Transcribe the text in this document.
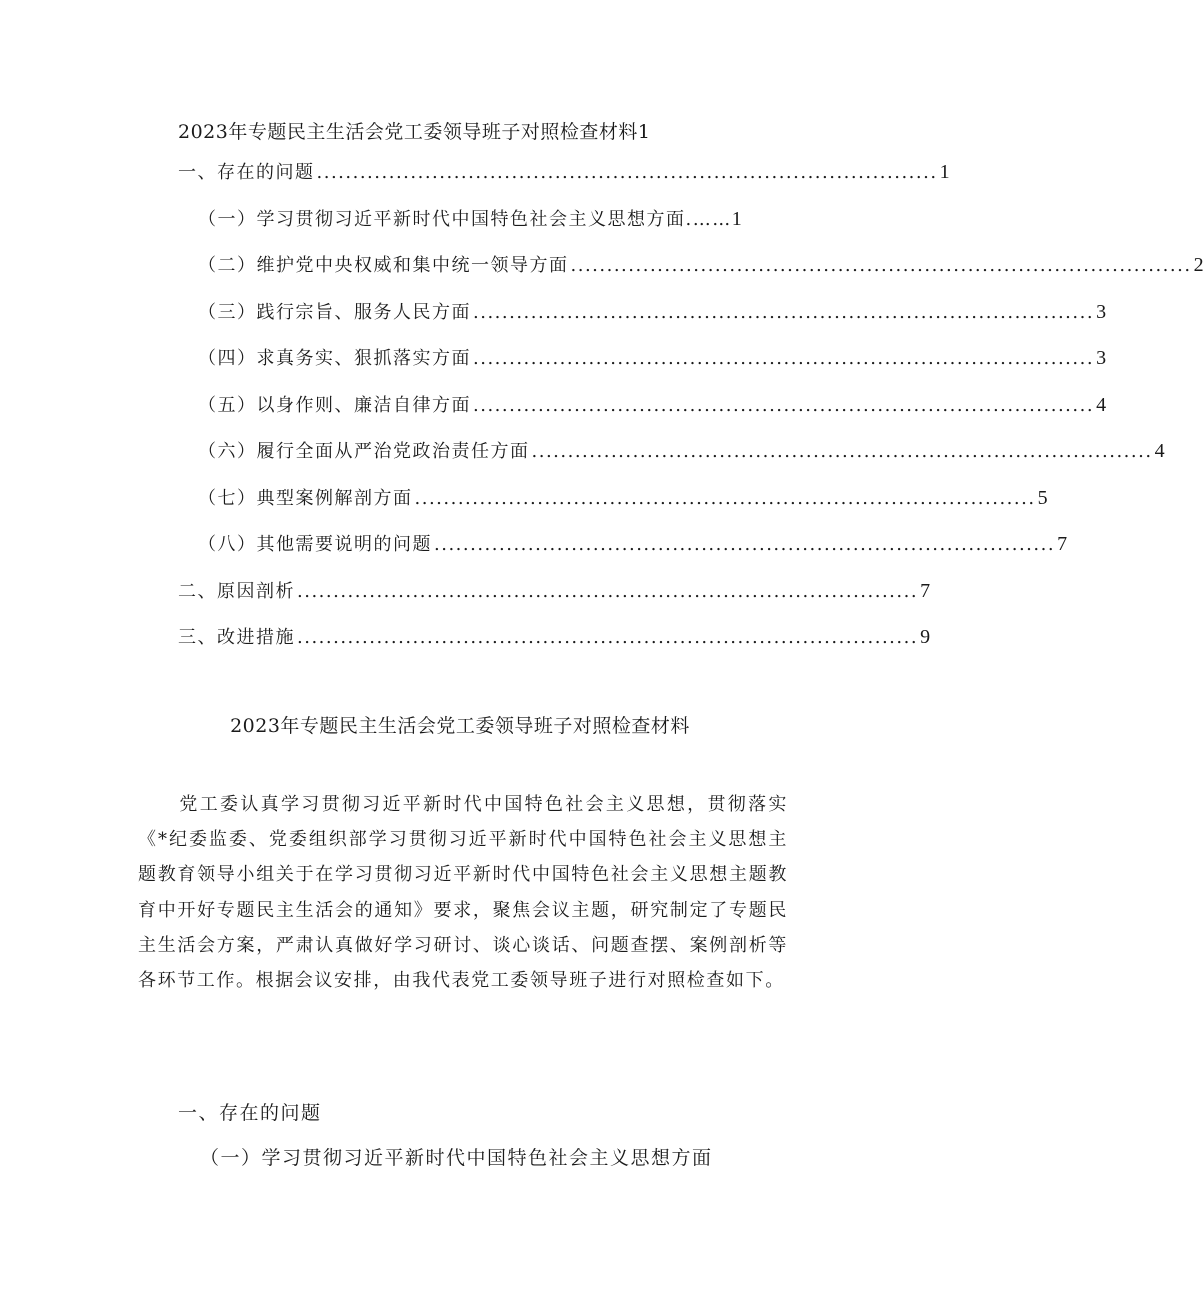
2023年专题民主生活会党工委领导班子对照检查材料1
一、存在的问题 ...................................................................................... 1
（一）学习贯彻习近平新时代中国特色社会主义思想方面.…… 1
（二）维护党中央权威和集中统一领导方面 ...................................................................................... 2
（三）践行宗旨、服务人民方面 ...................................................................................... 3
（四）求真务实、狠抓落实方面 ...................................................................................... 3
（五）以身作则、廉洁自律方面 ...................................................................................... 4
（六）履行全面从严治党政治责任方面 ...................................................................................... 4
（七）典型案例解剖方面 ...................................................................................... 5
（八）其他需要说明的问题 ...................................................................................... 7
二、原因剖析 ...................................................................................... 7
三、改进措施 ...................................................................................... 9
2023年专题民主生活会党工委领导班子对照检查材料

党工委认真学习贯彻习近平新时代中国特色社会主义思想，贯彻落实《*纪委监委、党委组织部学习贯彻习近平新时代中国特色社会主义思想主题教育领导小组关于在学习贯彻习近平新时代中国特色社会主义思想主题教育中开好专题民主生活会的通知》要求，聚焦会议主题，研究制定了专题民主生活会方案，严肃认真做好学习研讨、谈心谈话、问题查摆、案例剖析等各环节工作。根据会议安排，由我代表党工委领导班子进行对照检查如下。

一、存在的问题
（一）学习贯彻习近平新时代中国特色社会主义思想方面
